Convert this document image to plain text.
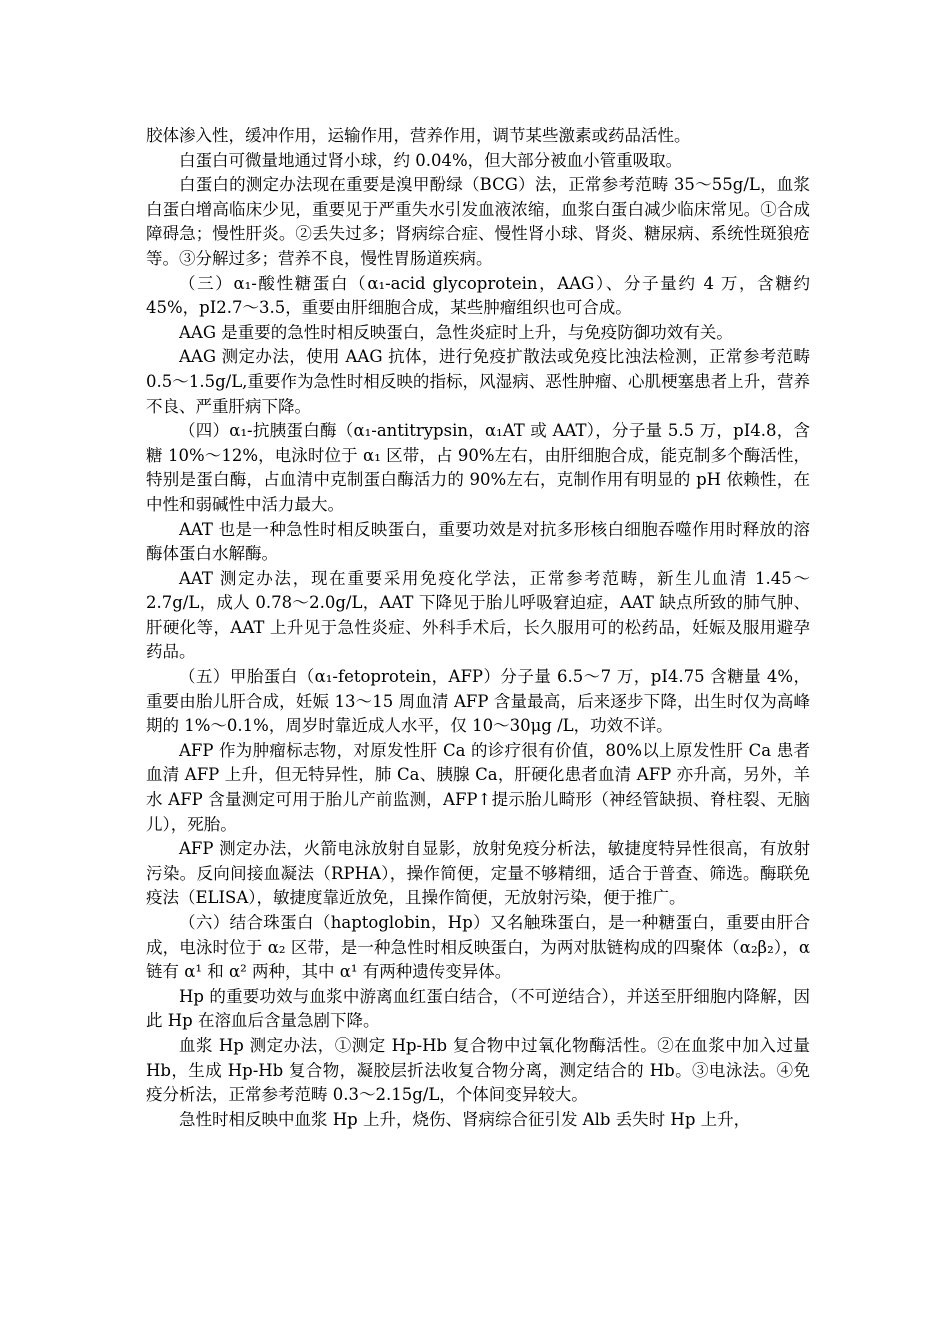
胶体渗入性，缓冲作用，运输作用，营养作用，调节某些激素或药品活性。

白蛋白可微量地通过肾小球，约 0.04%，但大部分被血小管重吸取。

白蛋白的测定办法现在重要是溴甲酚绿（BCG）法，正常参考范畴 35～55g/L，血浆白蛋白增高临床少见，重要见于严重失水引发血液浓缩，血浆白蛋白减少临床常见。①合成障碍急；慢性肝炎。②丢失过多；肾病综合症、慢性肾小球、肾炎、糖尿病、系统性斑狼疮等。③分解过多；营养不良，慢性胃肠道疾病。

（三）α₁-酸性糖蛋白（α₁-acid glycoprotein，AAG）、分子量约 4 万，含糖约 45%，pI2.7～3.5，重要由肝细胞合成，某些肿瘤组织也可合成。

AAG 是重要的急性时相反映蛋白，急性炎症时上升，与免疫防御功效有关。

AAG 测定办法，使用 AAG 抗体，进行免疫扩散法或免疫比浊法检测，正常参考范畴 0.5～1.5g/L,重要作为急性时相反映的指标，风湿病、恶性肿瘤、心肌梗塞患者上升，营养不良、严重肝病下降。

（四）α₁-抗胰蛋白酶（α₁-antitrypsin，α₁AT 或 AAT），分子量 5.5 万，pI4.8，含糖 10%～12%，电泳时位于 α₁ 区带，占 90%左右，由肝细胞合成，能克制多个酶活性，特别是蛋白酶，占血清中克制蛋白酶活力的 90%左右，克制作用有明显的 pH 依赖性，在中性和弱碱性中活力最大。

AAT 也是一种急性时相反映蛋白，重要功效是对抗多形核白细胞吞噬作用时释放的溶酶体蛋白水解酶。

AAT 测定办法，现在重要采用免疫化学法，正常参考范畴，新生儿血清 1.45～2.7g/L，成人 0.78～2.0g/L，AAT 下降见于胎儿呼吸窘迫症，AAT 缺点所致的肺气肿、肝硬化等，AAT 上升见于急性炎症、外科手术后，长久服用可的松药品，妊娠及服用避孕药品。

（五）甲胎蛋白（α₁-fetoprotein，AFP）分子量 6.5～7 万，pI4.75 含糖量 4%，重要由胎儿肝合成，妊娠 13～15 周血清 AFP 含量最高，后来逐步下降，出生时仅为高峰期的 1%～0.1%，周岁时靠近成人水平，仅 10～30μg /L，功效不详。

AFP 作为肿瘤标志物，对原发性肝 Ca 的诊疗很有价值，80%以上原发性肝 Ca 患者血清 AFP 上升，但无特异性，肺 Ca、胰腺 Ca，肝硬化患者血清 AFP 亦升高，另外，羊水 AFP 含量测定可用于胎儿产前监测，AFP↑提示胎儿畸形（神经管缺损、脊柱裂、无脑儿），死胎。

AFP 测定办法，火箭电泳放射自显影，放射免疫分析法，敏捷度特异性很高，有放射污染。反向间接血凝法（RPHA），操作简便，定量不够精细，适合于普查、筛选。酶联免疫法（ELISA），敏捷度靠近放免，且操作简便，无放射污染，便于推广。

（六）结合珠蛋白（haptoglobin，Hp）又名触珠蛋白，是一种糖蛋白，重要由肝合成，电泳时位于 α₂ 区带，是一种急性时相反映蛋白，为两对肽链构成的四聚体（α₂β₂），α 链有 α¹ 和 α² 两种，其中 α¹ 有两种遗传变异体。

Hp 的重要功效与血浆中游离血红蛋白结合，（不可逆结合），并送至肝细胞内降解，因此 Hp 在溶血后含量急剧下降。

血浆 Hp 测定办法，①测定 Hp-Hb 复合物中过氧化物酶活性。②在血浆中加入过量 Hb，生成 Hp-Hb 复合物，凝胶层折法收复合物分离，测定结合的 Hb。③电泳法。④免疫分析法，正常参考范畴 0.3～2.15g/L，个体间变异较大。

急性时相反映中血浆 Hp 上升，烧伤、肾病综合征引发 Alb 丢失时 Hp 上升，
